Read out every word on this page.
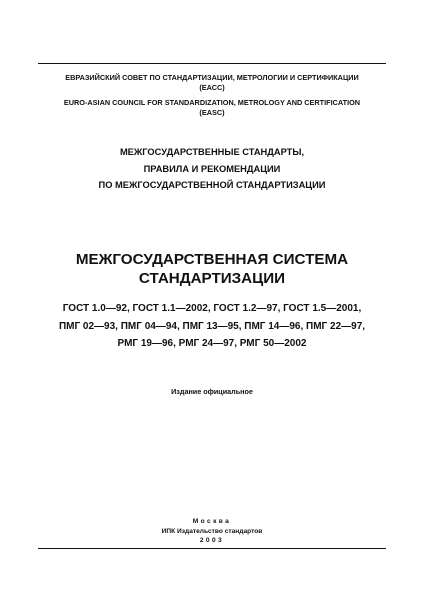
ЕВРАЗИЙСКИЙ СОВЕТ ПО СТАНДАРТИЗАЦИИ, МЕТРОЛОГИИ И СЕРТИФИКАЦИИ
(ЕАСС)
EURO-ASIAN COUNCIL FOR STANDARDIZATION, METROLOGY AND CERTIFICATION
(EASC)
МЕЖГОСУДАРСТВЕННЫЕ СТАНДАРТЫ,
ПРАВИЛА И РЕКОМЕНДАЦИИ
ПО МЕЖГОСУДАРСТВЕННОЙ СТАНДАРТИЗАЦИИ
МЕЖГОСУДАРСТВЕННАЯ СИСТЕМА
СТАНДАРТИЗАЦИИ
ГОСТ 1.0—92, ГОСТ 1.1—2002, ГОСТ 1.2—97, ГОСТ 1.5—2001,
ПМГ 02—93, ПМГ 04—94, ПМГ 13—95, ПМГ 14—96, ПМГ 22—97,
РМГ 19—96, РМГ 24—97, РМГ 50—2002
Издание официальное
Москва
ИПК Издательство стандартов
2003
